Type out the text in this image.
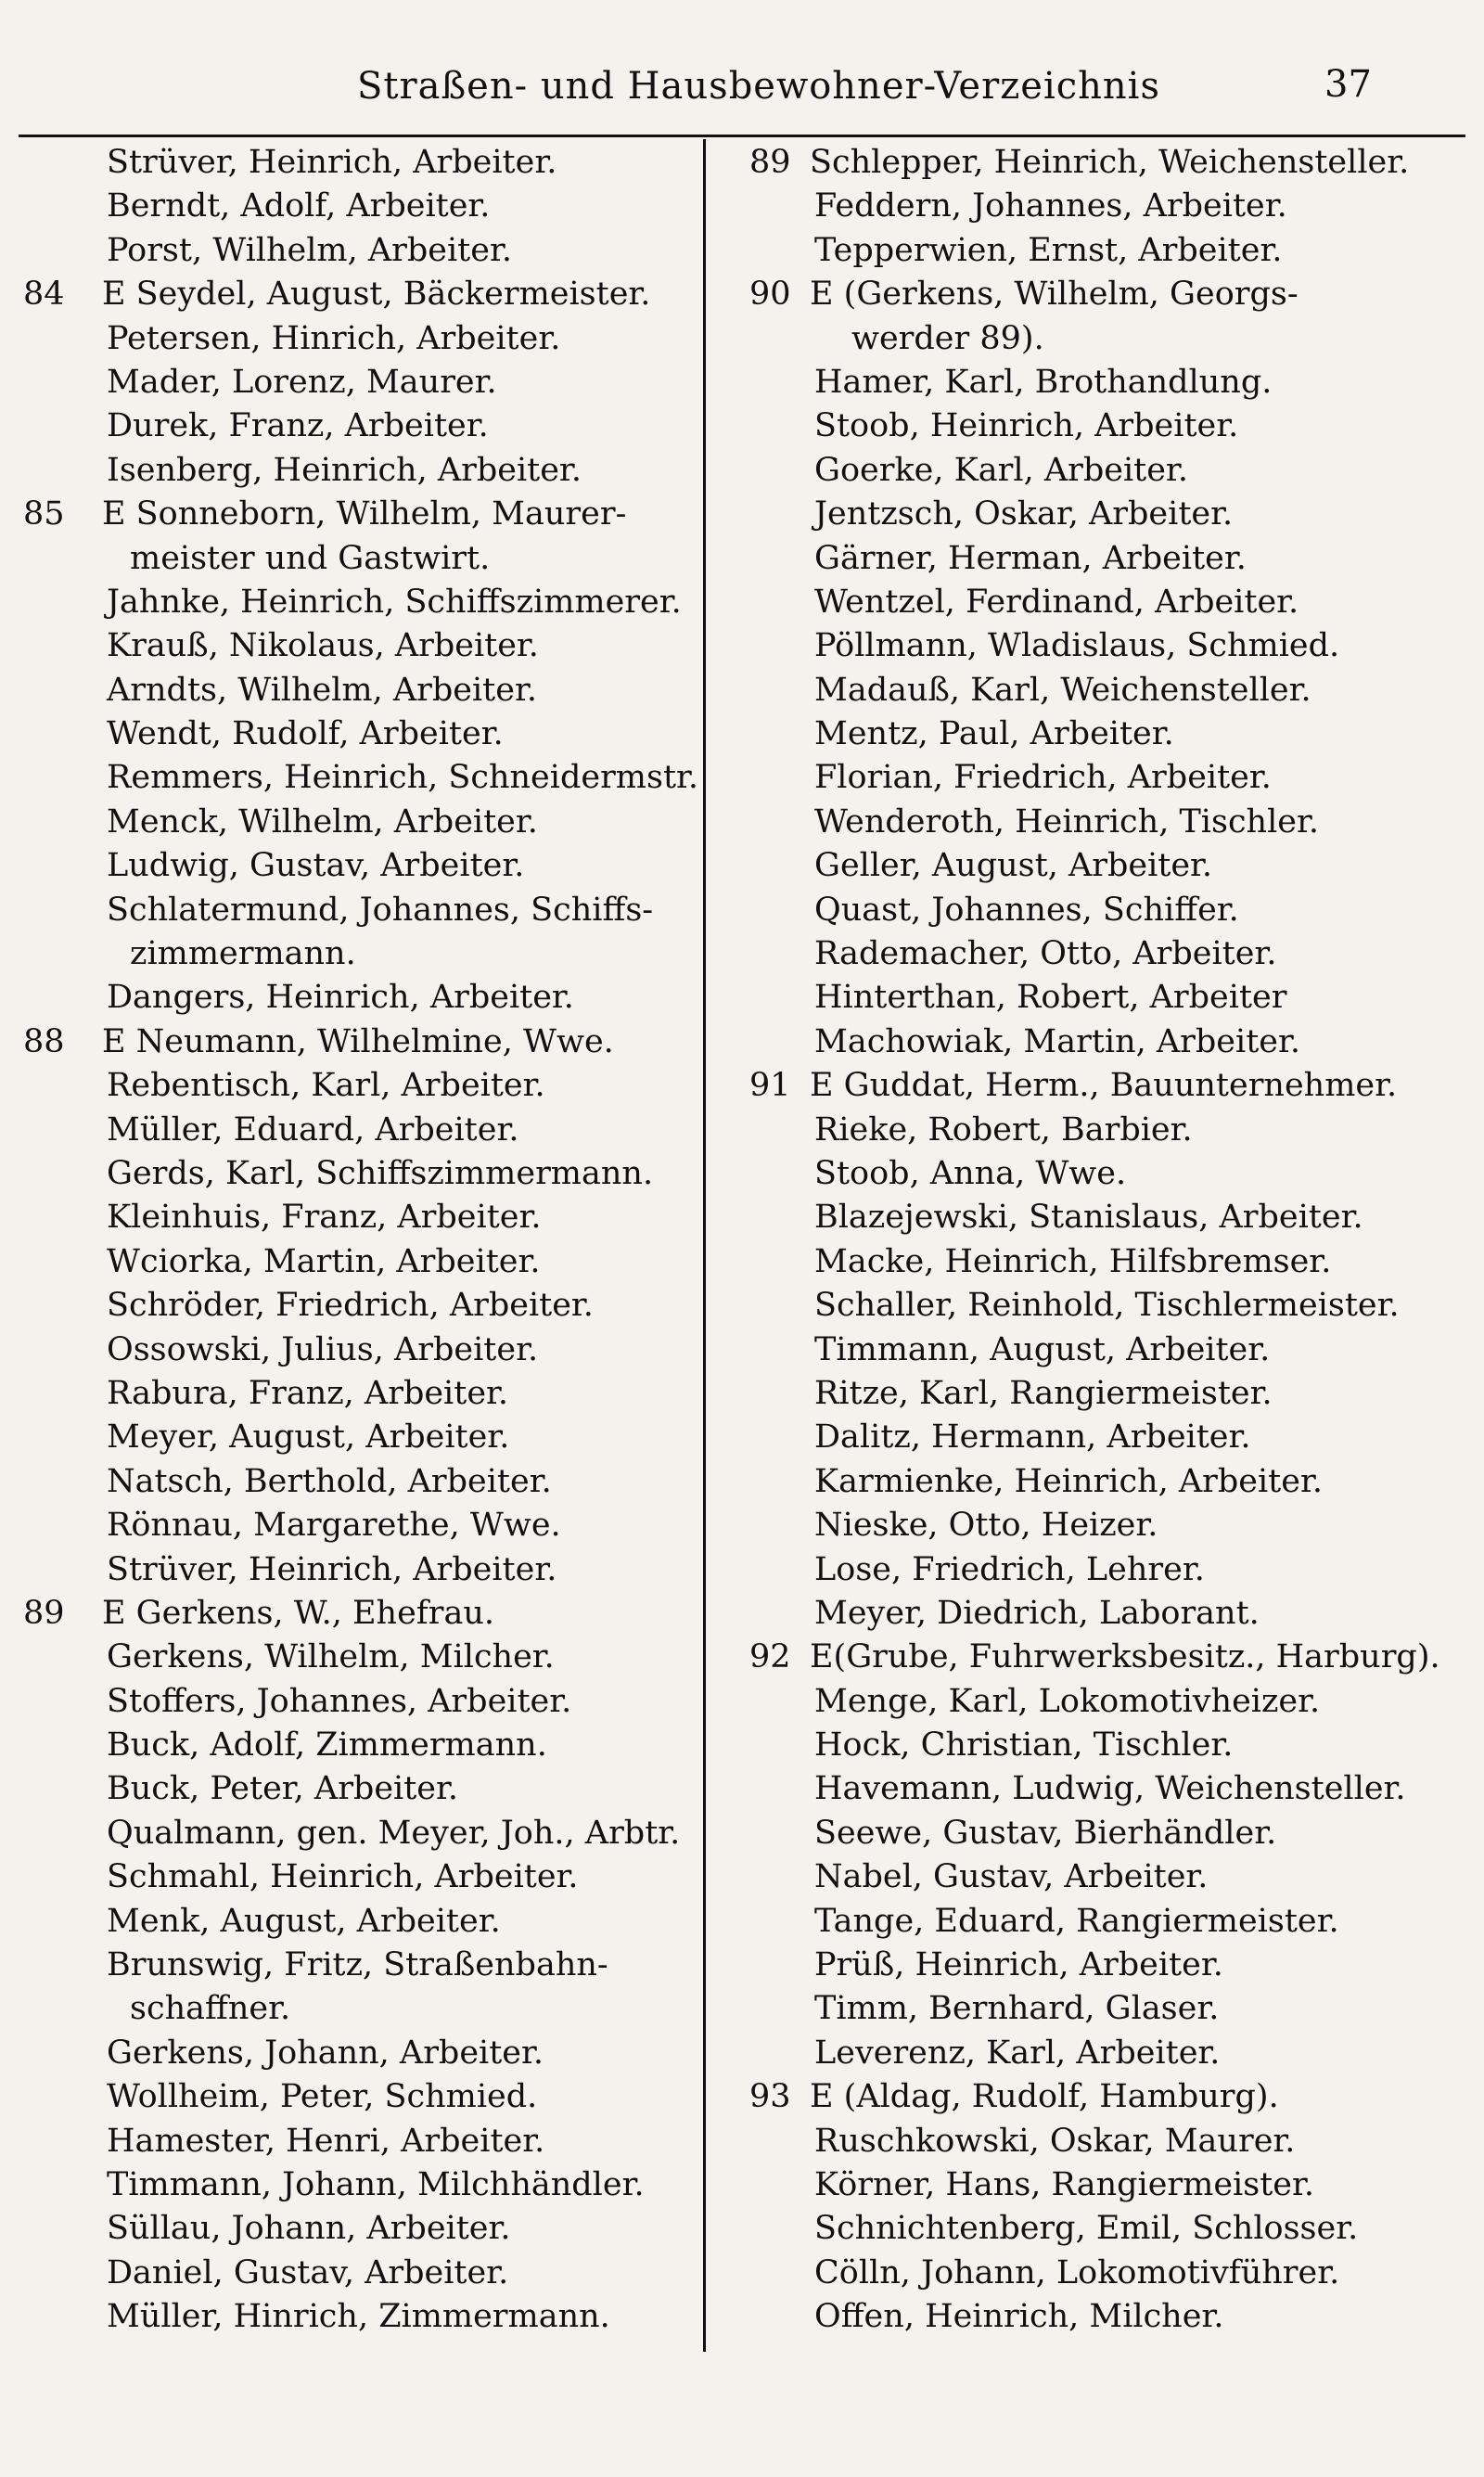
Straßen- und Hausbewohner-Verzeichnis	37
Strüver, Heinrich, Arbeiter.
Berndt, Adolf, Arbeiter.
Porst, Wilhelm, Arbeiter.
84	E Seydel, August, Bäckermeister.
Petersen, Hinrich, Arbeiter.
Mader, Lorenz, Maurer.
Durek, Franz, Arbeiter.
Isenberg, Heinrich, Arbeiter.
85	E Sonneborn, Wilhelm, Maurer-
meister und Gastwirt.
Jahnke, Heinrich, Schiffszimmerer.
Krauß, Nikolaus, Arbeiter.
Arndts, Wilhelm, Arbeiter.
Wendt, Rudolf, Arbeiter.
Remmers, Heinrich, Schneidermstr.
Menck, Wilhelm, Arbeiter.
Ludwig, Gustav, Arbeiter.
Schlatermund, Johannes, Schiffs-
zimmermann.
Dangers, Heinrich, Arbeiter.
88	E Neumann, Wilhelmine, Wwe.
Rebentisch, Karl, Arbeiter.
Müller, Eduard, Arbeiter.
Gerds, Karl, Schiffszimmermann.
Kleinhuis, Franz, Arbeiter.
Wciorka, Martin, Arbeiter.
Schröder, Friedrich, Arbeiter.
Ossowski, Julius, Arbeiter.
Rabura, Franz, Arbeiter.
Meyer, August, Arbeiter.
Natsch, Berthold, Arbeiter.
Rönnau, Margarethe, Wwe.
Strüver, Heinrich, Arbeiter.
89	E Gerkens, W., Ehefrau.
Gerkens, Wilhelm, Milcher.
Stoffers, Johannes, Arbeiter.
Buck, Adolf, Zimmermann.
Buck, Peter, Arbeiter.
Qualmann, gen. Meyer, Joh., Arbtr.
Schmahl, Heinrich, Arbeiter.
Menk, August, Arbeiter.
Brunswig, Fritz, Straßenbahn-
schaffner.
Gerkens, Johann, Arbeiter.
Wollheim, Peter, Schmied.
Hamester, Henri, Arbeiter.
Timmann, Johann, Milchhändler.
Süllau, Johann, Arbeiter.
Daniel, Gustav, Arbeiter.
Müller, Hinrich, Zimmermann.
89 Schlepper, Heinrich, Weichensteller.
Feddern, Johannes, Arbeiter.
Tepperwien, Ernst, Arbeiter.
90 E (Gerkens, Wilhelm, Georgs-
werder 89).
Hamer, Karl, Brothandlung.
Stoob, Heinrich, Arbeiter.
Goerke, Karl, Arbeiter.
Jentzsch, Oskar, Arbeiter.
Gärner, Herman, Arbeiter.
Wentzel, Ferdinand, Arbeiter.
Pöllmann, Wladislaus, Schmied.
Madauß, Karl, Weichensteller.
Mentz, Paul, Arbeiter.
Florian, Friedrich, Arbeiter.
Wenderoth, Heinrich, Tischler.
Geller, August, Arbeiter.
Quast, Johannes, Schiffer.
Rademacher, Otto, Arbeiter.
Hinterthan, Robert, Arbeiter
Machowiak, Martin, Arbeiter.
91 E Guddat, Herm., Bauunternehmer.
Rieke, Robert, Barbier.
Stoob, Anna, Wwe.
Blazejewski, Stanislaus, Arbeiter.
Macke, Heinrich, Hilfsbremser.
Schaller, Reinhold, Tischlermeister.
Timmann, August, Arbeiter.
Ritze, Karl, Rangiermeister.
Dalitz, Hermann, Arbeiter.
Karmienke, Heinrich, Arbeiter.
Nieske, Otto, Heizer.
Lose, Friedrich, Lehrer.
Meyer, Diedrich, Laborant.
92 E(Grube, Fuhrwerksbesitz., Harburg).
Menge, Karl, Lokomotivheizer.
Hock, Christian, Tischler.
Havemann, Ludwig, Weichensteller.
Seewe, Gustav, Bierhändler.
Nabel, Gustav, Arbeiter.
Tange, Eduard, Rangiermeister.
Prüß, Heinrich, Arbeiter.
Timm, Bernhard, Glaser.
Leverenz, Karl, Arbeiter.
93 E (Aldag, Rudolf, Hamburg).
Ruschkowski, Oskar, Maurer.
Körner, Hans, Rangiermeister.
Schnichtenberg, Emil, Schlosser.
Cölln, Johann, Lokomotivführer.
Offen, Heinrich, Milcher.
